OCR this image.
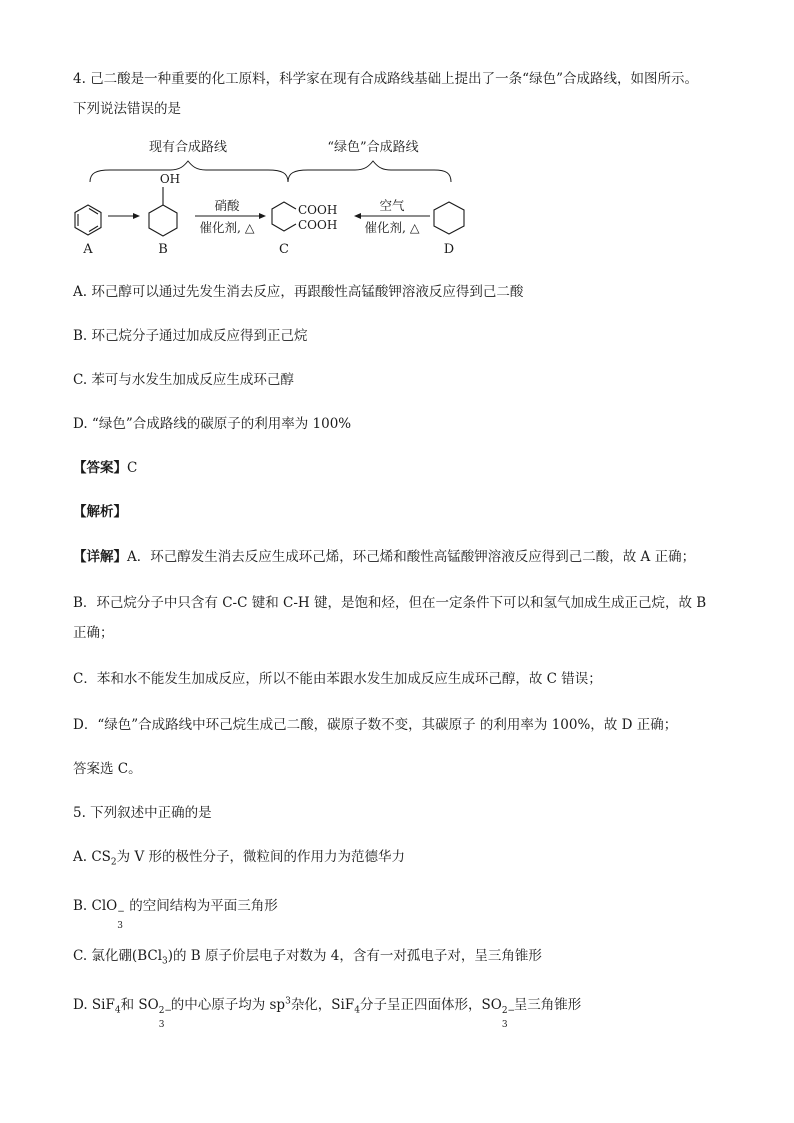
4. 己二酸是一种重要的化工原料，科学家在现有合成路线基础上提出了一条“绿色”合成路线，如图所示。
下列说法错误的是
现有合成路线	“绿色”合成路线
A
OH
B
硝酸
催化剂, △
COOH
COOH
C
空气
催化剂, △
D
A. 环己醇可以通过先发生消去反应，再跟酸性高锰酸钾溶液反应得到己二酸
B. 环己烷分子通过加成反应得到正己烷
C. 苯可与水发生加成反应生成环己醇
D. “绿色”合成路线的碳原子的利用率为 100%
【答案】C
【解析】
【详解】A．环己醇发生消去反应生成环己烯，环己烯和酸性高锰酸钾溶液反应得到己二酸，故 A 正确；
B．环己烷分子中只含有 C-C 键和 C-H 键，是饱和烃，但在一定条件下可以和氢气加成生成正己烷，故 B
正确；
C．苯和水不能发生加成反应，所以不能由苯跟水发生加成反应生成环己醇，故 C 错误；
D．“绿色”合成路线中环己烷生成己二酸，碳原子数不变，其碳原子 的利用率为 100%，故 D 正确；
答案选 C。
5. 下列叙述中正确的是
A. $CS_2$为 V 形的极性分子，微粒间的作用力为范德华力
B. ClO −
3
的空间结构为平面三角形
C. 氯化硼(BCl$_3$)的 B 原子价层电子对数为 4，含有一对孤电子对，呈三角锥形
D. SiF$_4$和 SO 2−
3
的中心原子均为 $sp^3$杂化，SiF$_4$分子呈正四面体形，SO 2−
3
呈三角锥形
